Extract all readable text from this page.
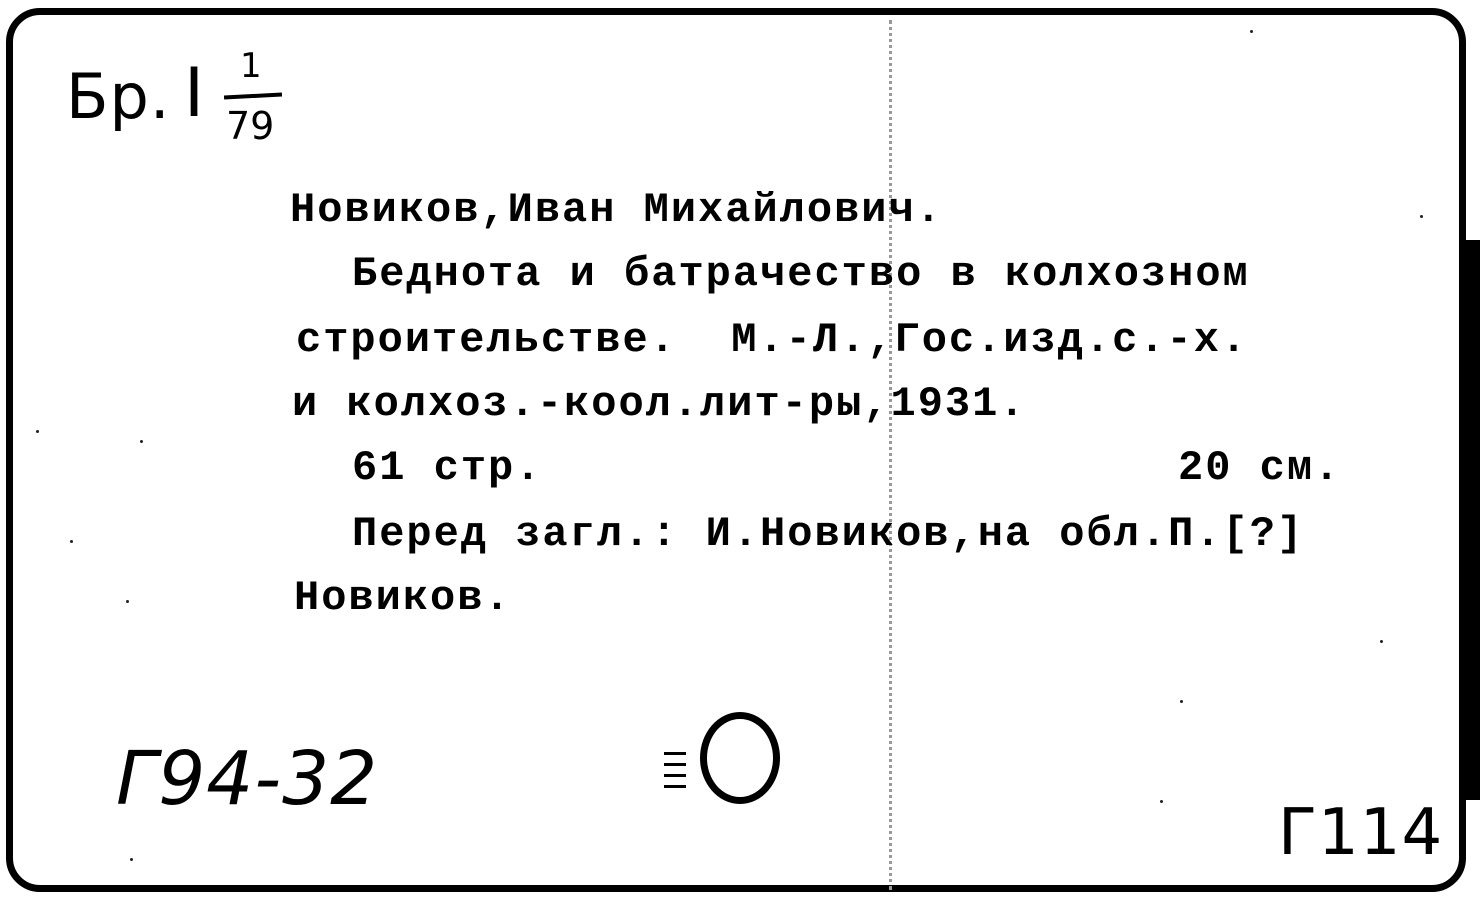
Бр. I 1
79
Новиков,Иван Михайлович.
Беднота и батрачество в колхозном
строительстве.  М.-Л.,Гос.изд.с.-х.
и колхоз.-коол.лит-ры,1931.
61 стр.	20 см.
Перед загл.: И.Новиков,на обл.П.[?]
Новиков.
Г94-32
Г114
